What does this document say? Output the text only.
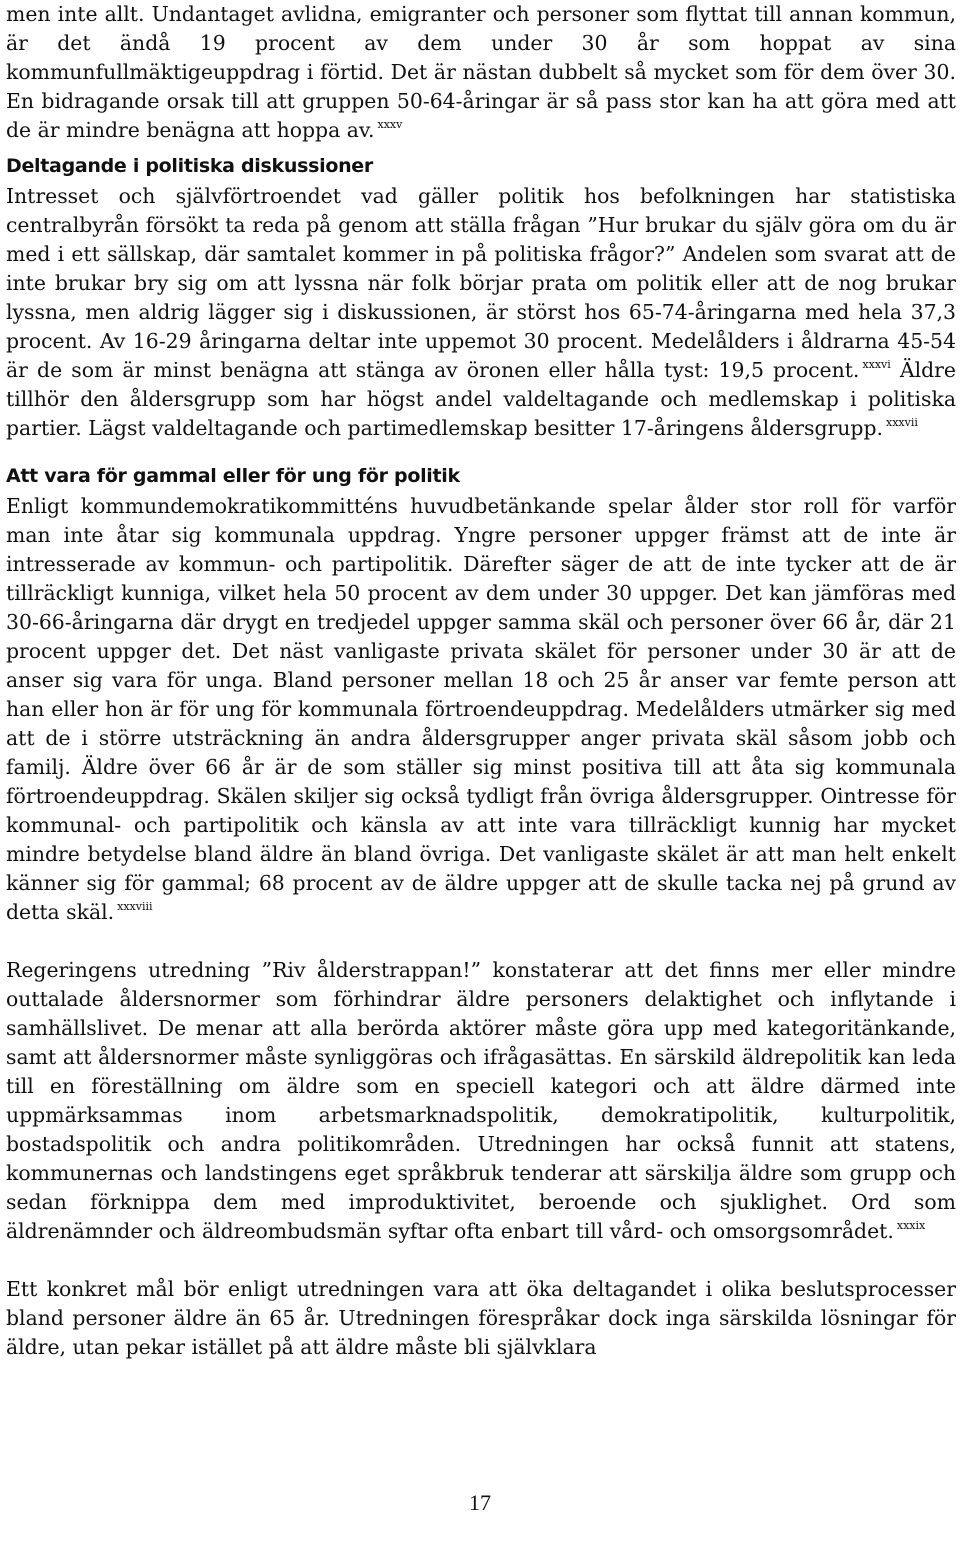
men inte allt. Undantaget avlidna, emigranter och personer som flyttat till annan kommun, är det ändå 19 procent av dem under 30 år som hoppat av sina kommunfullmäktigeuppdrag i förtid. Det är nästan dubbelt så mycket som för dem över 30. En bidragande orsak till att gruppen 50-64-åringar är så pass stor kan ha att göra med att de är mindre benägna att hoppa av. $^{xxxv}$

Deltagande i politiska diskussioner

Intresset och självförtroendet vad gäller politik hos befolkningen har statistiska centralbyrån försökt ta reda på genom att ställa frågan ”Hur brukar du själv göra om du är med i ett sällskap, där samtalet kommer in på politiska frågor?” Andelen som svarat att de inte brukar bry sig om att lyssna när folk börjar prata om politik eller att de nog brukar lyssna, men aldrig lägger sig i diskussionen, är störst hos 65-74-åringarna med hela 37,3 procent. Av 16-29 åringarna deltar inte uppemot 30 procent. Medelålders i åldrarna 45-54 är de som är minst benägna att stänga av öronen eller hålla tyst: 19,5 procent. $^{xxxvi}$ Äldre tillhör den åldersgrupp som har högst andel valdeltagande och medlemskap i politiska partier. Lägst valdeltagande och partimedlemskap besitter 17-åringens åldersgrupp. $^{xxxvii}$

Att vara för gammal eller för ung för politik

Enligt kommundemokratikommitténs huvudbetänkande spelar ålder stor roll för varför man inte åtar sig kommunala uppdrag. Yngre personer uppger främst att de inte är intresserade av kommun- och partipolitik. Därefter säger de att de inte tycker att de är tillräckligt kunniga, vilket hela 50 procent av dem under 30 uppger. Det kan jämföras med 30-66-åringarna där drygt en tredjedel uppger samma skäl och personer över 66 år, där 21 procent uppger det. Det näst vanligaste privata skälet för personer under 30 är att de anser sig vara för unga. Bland personer mellan 18 och 25 år anser var femte person att han eller hon är för ung för kommunala förtroendeuppdrag. Medelålders utmärker sig med att de i större utsträckning än andra åldersgrupper anger privata skäl såsom jobb och familj. Äldre över 66 år är de som ställer sig minst positiva till att åta sig kommunala förtroendeuppdrag. Skälen skiljer sig också tydligt från övriga åldersgrupper. Ointresse för kommunal- och partipolitik och känsla av att inte vara tillräckligt kunnig har mycket mindre betydelse bland äldre än bland övriga. Det vanligaste skälet är att man helt enkelt känner sig för gammal; 68 procent av de äldre uppger att de skulle tacka nej på grund av detta skäl. $^{xxxviii}$

Regeringens utredning ”Riv ålderstrappan!” konstaterar att det finns mer eller mindre outtalade åldersnormer som förhindrar äldre personers delaktighet och inflytande i samhällslivet. De menar att alla berörda aktörer måste göra upp med kategoritänkande, samt att åldersnormer måste synliggöras och ifrågasättas. En särskild äldrepolitik kan leda till en föreställning om äldre som en speciell kategori och att äldre därmed inte uppmärksammas inom arbetsmarknadspolitik, demokratipolitik, kulturpolitik, bostadspolitik och andra politikområden. Utredningen har också funnit att statens, kommunernas och landstingens eget språkbruk tenderar att särskilja äldre som grupp och sedan förknippa dem med improduktivitet, beroende och sjuklighet. Ord som äldrenämnder och äldreombudsmän syftar ofta enbart till vård- och omsorgsområdet. $^{xxxix}$

Ett konkret mål bör enligt utredningen vara att öka deltagandet i olika beslutsprocesser bland personer äldre än 65 år. Utredningen förespråkar dock inga särskilda lösningar för äldre, utan pekar istället på att äldre måste bli självklara

17
